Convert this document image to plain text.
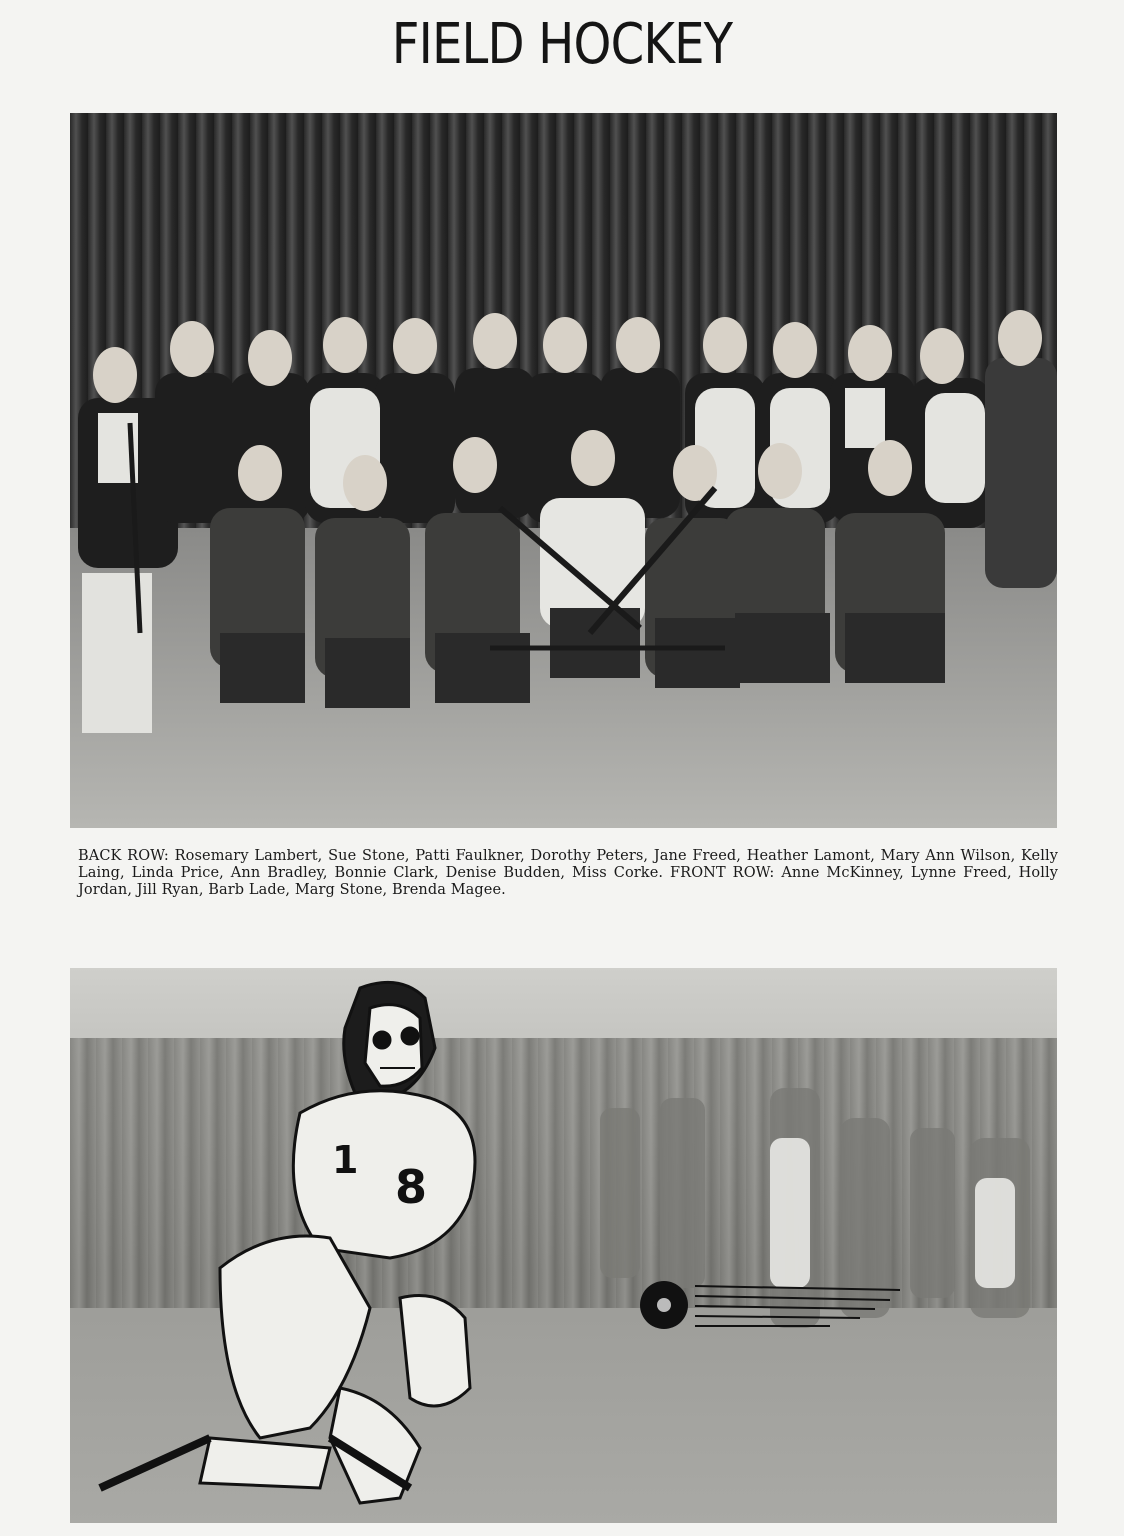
FIELD HOCKEY
BACK ROW: Rosemary Lambert, Sue Stone, Patti Faulkner, Dorothy Peters, Jane Freed, Heather Lamont, Mary Ann Wilson, Kelly Laing, Linda Price, Ann Bradley, Bonnie Clark, Denise Budden, Miss Corke. FRONT ROW: Anne McKinney, Lynne Freed, Holly Jordan, Jill Ryan, Barb Lade, Marg Stone, Brenda Magee.
1 8
